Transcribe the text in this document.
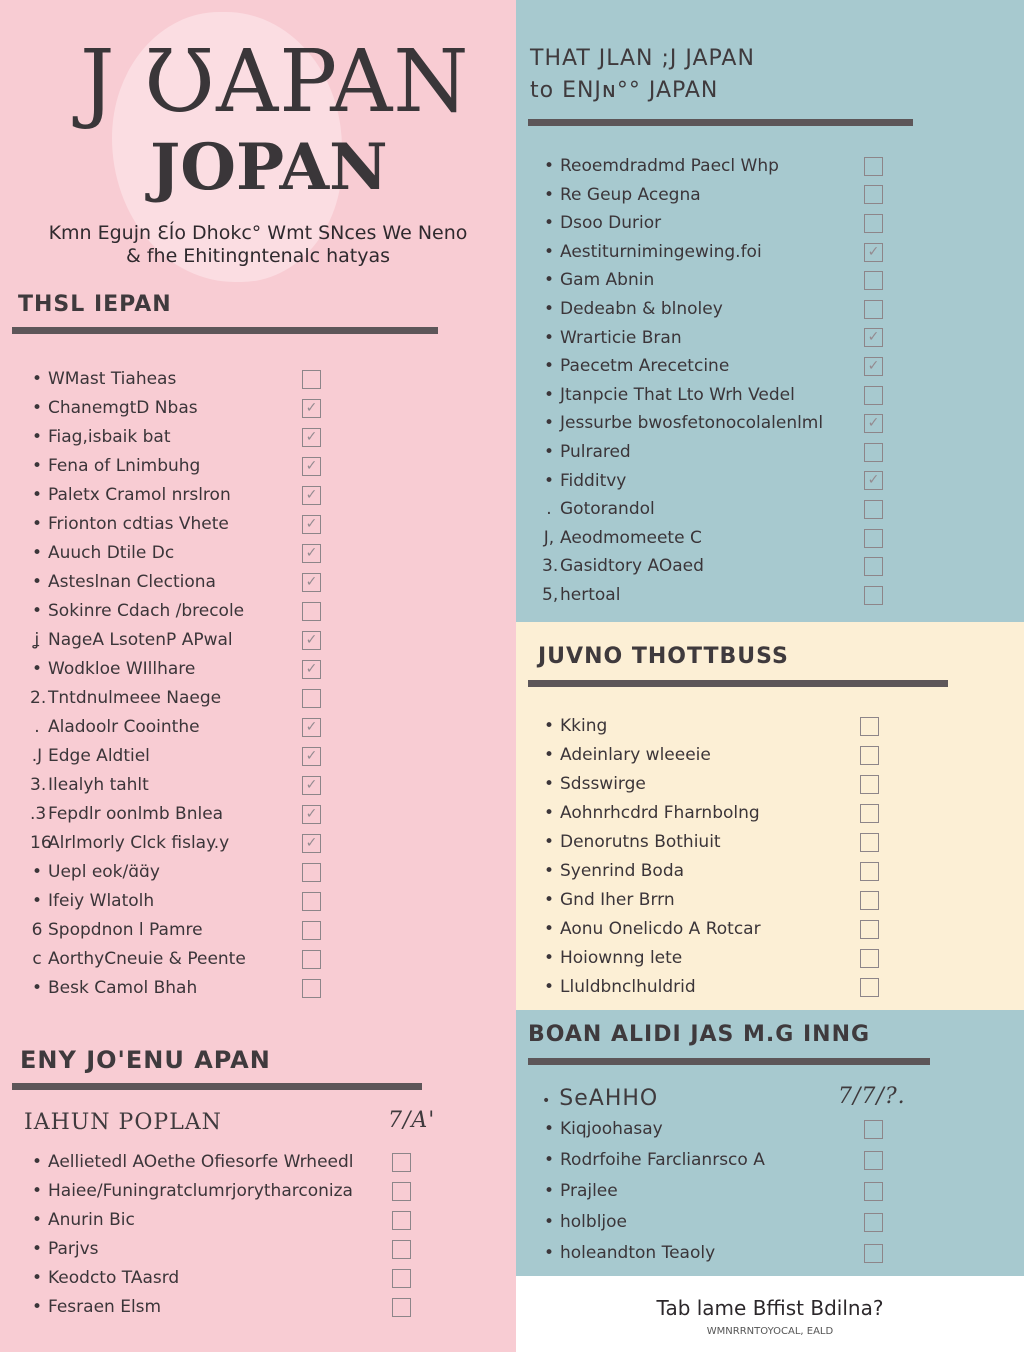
J ƱAPAN
JOPAN
Kmn Egujn ƐÍo Dhokc° Wmt SNces We Neno
& fhe Ehitingntenalc hatyas
THSL IEPAN
• WMast Tiaheas
• ChanemgtD Nbas	✓
• Fiag,isbaik bat	✓
• Fena of Lnimbuhg	✓
• Paletx Cramol nrslron	✓
• Frionton cdtias Vhete	✓
• Auuch Dtile Dc	✓
• Asteslnan Clectiona	✓
• Sokinre Cdach /brecole
ʝ NageA LsotenP APwal	✓
• Wodkloe WIllhare	✓
2. Tntdnulmeee Naege
. Aladoolr Coointhe	✓
.J Edge Aldtiel	✓
3. Ilealyh tahlt	✓
.3 Fepdlr oonlmb Bnlea	✓
16Alrlmorly Clck fislay.y	✓
• Uepl eok/ɑ̈ɑ̈y
• Ifeiy Wlatolh
6 Spopdnon l Pamre
c AorthyCneuie & Peente
• Besk Camol Bhah
ENY JO'ENU APAN
IAHUN POPLAN	7/A'
• Aellietedl AOethe Ofiesorfe Wrheedl
• Haiee/Funingratclumrjorytharconiza
• Anurin Bic
• Parjvs
• Keodcto TAasrd
• Fesraen Elsm
THAT JLAN ;J JAPAN
to ENJɴ°° JAPAN
• Reoemdradmd Paecl Whp
• Re Geup Acegna
• Dsoo Durior
• Aestiturnimingewing.foi	✓
• Gam Abnin
• Dedeabn & blnoley
• Wrarticie Bran	✓
• Paecetm Arecetcine	✓
• Jtanpcie That Lto Wrh Vedel
• Jessurbe bwosfetonocolalenlml	✓
• Pulrared
• Fidditvy	✓
. Gotorandol
J, Aeodmomeete C
3. Gasidtory AOaed
5, hertoal
JUVNO THOTTBUSS
• Kking
• Adeinlary wleeeie
• Sdsswirge
• Aohnrhcdrd Fharnbolng
• Denorutns Bothiuit
• Syenrind Boda
• Gnd Iher Brrn
• Aonu Onelicdo A Rotcar
• Hoiownng lete
• Lluldbnclhuldrid
BOAN ALIDI JAS M.G INNG
• SeAHHO	7/7/?.
• Kiqjoohasay
• Rodrfoihe Farclianrsco A
• Prajlee
• holbljoe
• holeandton Teaoly
Tab lame Bffist Bdilna?
WMNRRNTOYOCAL, EALD
